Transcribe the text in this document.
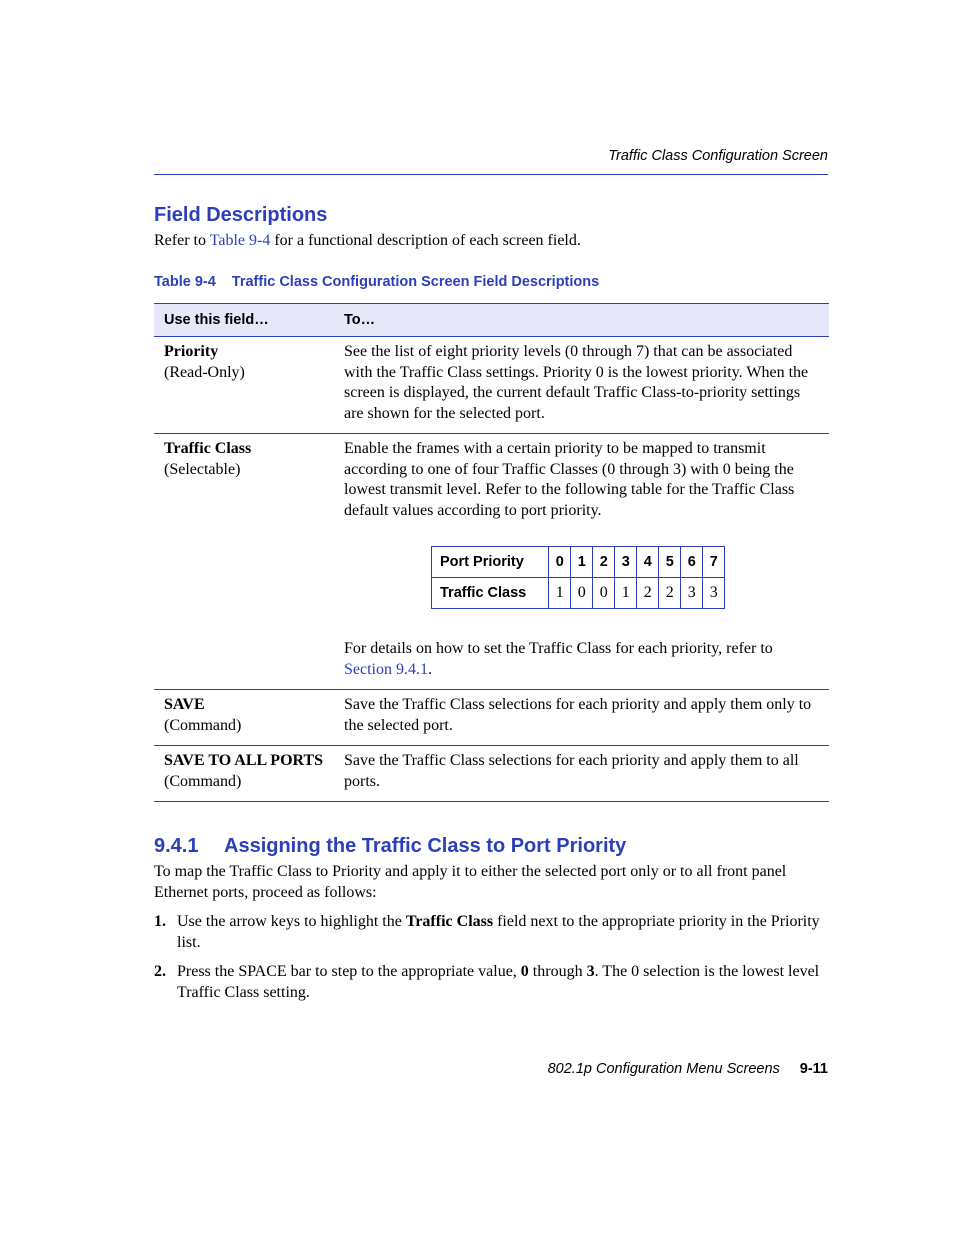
Traffic Class Configuration Screen
Field Descriptions
Refer to Table 9-4 for a functional description of each screen field.
Table 9-4 Traffic Class Configuration Screen Field Descriptions
Use this field…	To…

Priority
(Read-Only)
	See the list of eight priority levels (0 through 7) that can be associated with the Traffic Class settings. Priority 0 is the lowest priority. When the screen is displayed, the current default Traffic Class-to-priority settings are shown for the selected port.

Traffic Class
(Selectable)

Enable the frames with a certain priority to be mapped to transmit according to one of four Traffic Classes (0 through 3) with 0 being the lowest transmit level. Refer to the following table for the Traffic Class default values according to port priority.
Port Priority	0	1	2	3	4	5	6	7
Traffic Class	1	0	0	1	2	2	3	3
For details on how to set the Traffic Class for each priority, refer to Section 9.4.1.

SAVE
(Command)
	Save the Traffic Class selections for each priority and apply them only to the selected port.

SAVE TO ALL PORTS
(Command)
	Save the Traffic Class selections for each priority and apply them to all ports.
9.4.1 Assigning the Traffic Class to Port Priority
To map the Traffic Class to Priority and apply it to either the selected port only or to all front panel Ethernet ports, proceed as follows:
1. Use the arrow keys to highlight the Traffic Class field next to the appropriate priority in the Priority list.
2. Press the SPACE bar to step to the appropriate value, 0 through 3. The 0 selection is the lowest level Traffic Class setting.
802.1p Configuration Menu Screens 9-11
